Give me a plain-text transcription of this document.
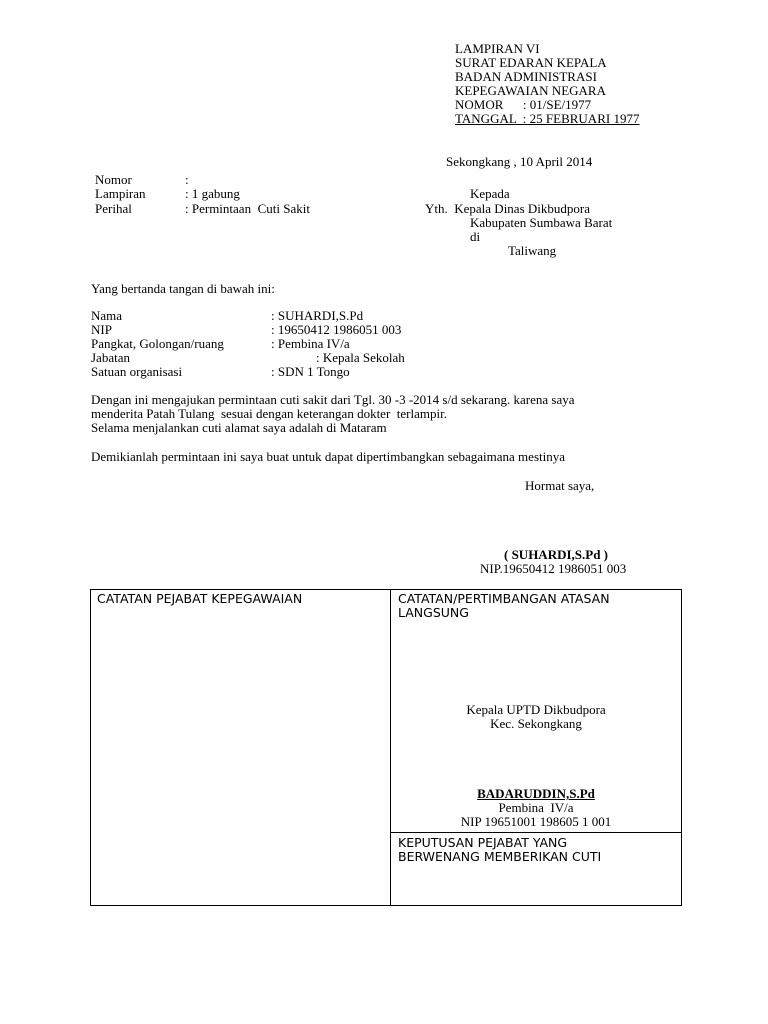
LAMPIRAN VI
SURAT EDARAN KEPALA
BADAN ADMINISTRASI
KEPEGAWAIAN NEGARA
NOMOR      : 01/SE/1977
TANGGAL  : 25 FEBRUARI 1977
Sekongkang , 10 April 2014
Nomor	:
Lampiran	: 1 gabung
Perihal	: Permintaan  Cuti Sakit
Kepada
Yth.  Kepala Dinas Dikbudpora
Kabupaten Sumbawa Barat
di
Taliwang
Yang bertanda tangan di bawah ini:
Nama	: SUHARDI,S.Pd
NIP	: 19650412 1986051 003
Pangkat, Golongan/ruang	: Pembina IV/a
Jabatan	: Kepala Sekolah
Satuan organisasi	: SDN 1 Tongo
Dengan ini mengajukan permintaan cuti sakit dari Tgl. 30 -3 -2014 s/d sekarang. karena saya
menderita Patah Tulang  sesuai dengan keterangan dokter  terlampir.
Selama menjalankan cuti alamat saya adalah di Mataram
Demikianlah permintaan ini saya buat untuk dapat dipertimbangkan sebagaimana mestinya
Hormat saya,
( SUHARDI,S.Pd )
NIP.19650412 1986051 003
CATATAN PEJABAT KEPEGAWAIAN	CATATAN/PERTIMBANGAN ATASAN
LANGSUNG
Kepala UPTD Dikbudpora
Kec. Sekongkang
BADARUDDIN,S.Pd
Pembina  IV/a
NIP 19651001 198605 1 001
KEPUTUSAN PEJABAT YANG
BERWENANG MEMBERIKAN CUTI
